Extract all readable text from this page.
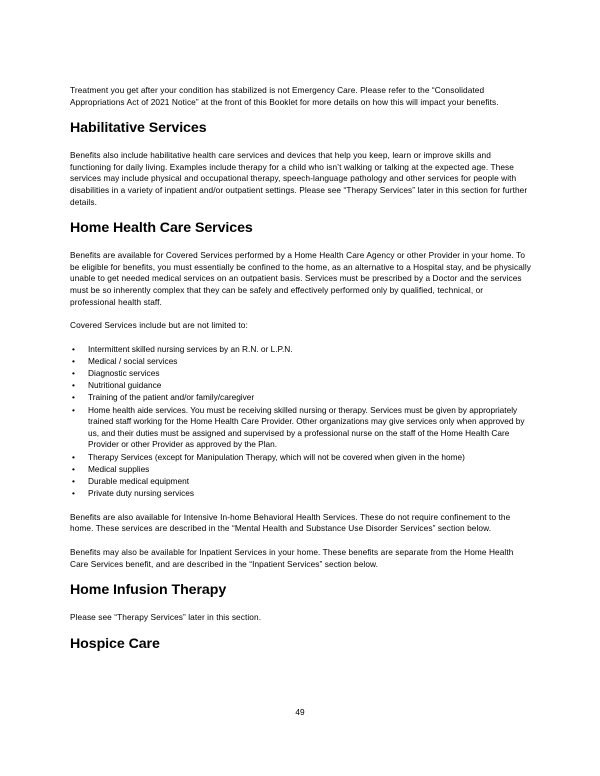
Treatment you get after your condition has stabilized is not Emergency Care. Please refer to the “Consolidated Appropriations Act of 2021 Notice” at the front of this Booklet for more details on how this will impact your benefits.

Habilitative Services

Benefits also include habilitative health care services and devices that help you keep, learn or improve skills and functioning for daily living. Examples include therapy for a child who isn’t walking or talking at the expected age. These services may include physical and occupational therapy, speech-language pathology and other services for people with disabilities in a variety of inpatient and/or outpatient settings. Please see “Therapy Services” later in this section for further details.

Home Health Care Services

Benefits are available for Covered Services performed by a Home Health Care Agency or other Provider in your home. To be eligible for benefits, you must essentially be confined to the home, as an alternative to a Hospital stay, and be physically unable to get needed medical services on an outpatient basis. Services must be prescribed by a Doctor and the services must be so inherently complex that they can be safely and effectively performed only by qualified, technical, or professional health staff.

Covered Services include but are not limited to:

• Intermittent skilled nursing services by an R.N. or L.P.N.
• Medical / social services
• Diagnostic services
• Nutritional guidance
• Training of the patient and/or family/caregiver
• Home health aide services. You must be receiving skilled nursing or therapy. Services must be given by appropriately trained staff working for the Home Health Care Provider. Other organizations may give services only when approved by us, and their duties must be assigned and supervised by a professional nurse on the staff of the Home Health Care Provider or other Provider as approved by the Plan.
• Therapy Services (except for Manipulation Therapy, which will not be covered when given in the home)
• Medical supplies
• Durable medical equipment
• Private duty nursing services

Benefits are also available for Intensive In-home Behavioral Health Services. These do not require confinement to the home. These services are described in the “Mental Health and Substance Use Disorder Services” section below.

Benefits may also be available for Inpatient Services in your home. These benefits are separate from the Home Health Care Services benefit, and are described in the “Inpatient Services” section below.

Home Infusion Therapy

Please see “Therapy Services” later in this section.

Hospice Care
49
